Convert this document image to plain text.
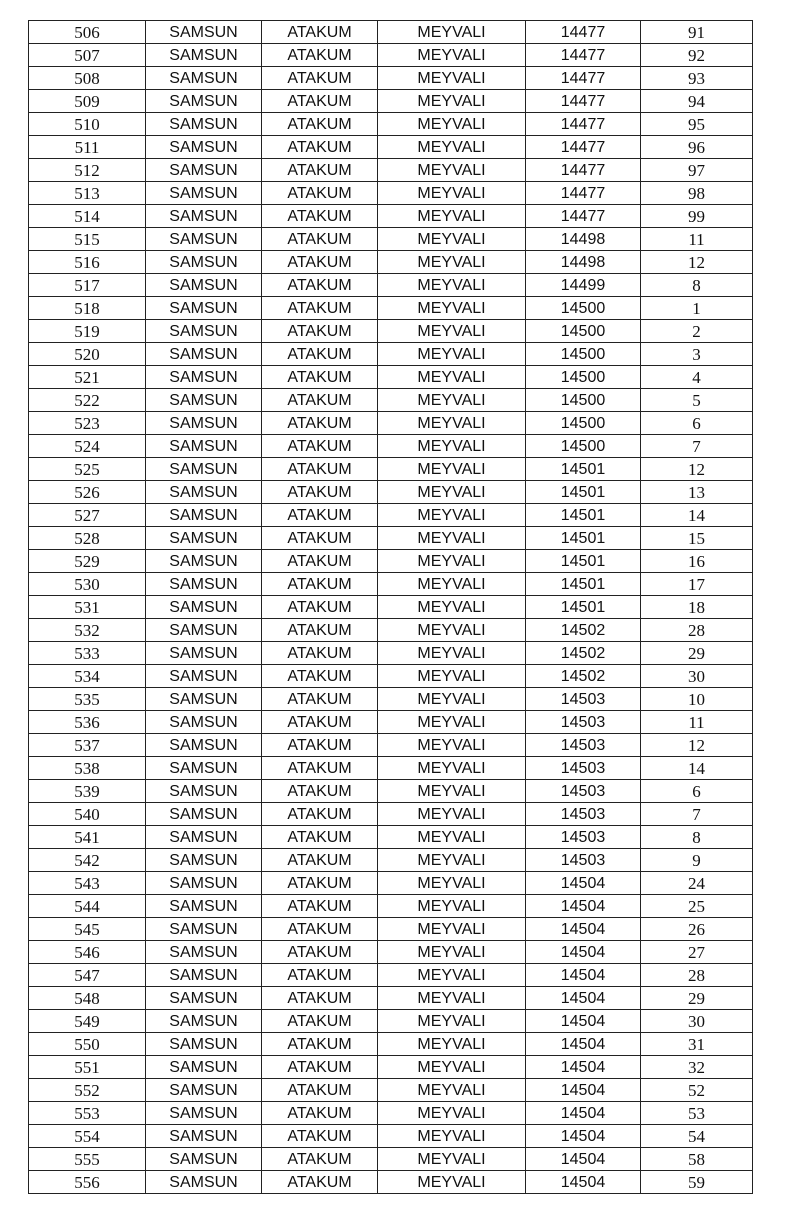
506	SAMSUN	ATAKUM	MEYVALI	14477	91
507	SAMSUN	ATAKUM	MEYVALI	14477	92
508	SAMSUN	ATAKUM	MEYVALI	14477	93
509	SAMSUN	ATAKUM	MEYVALI	14477	94
510	SAMSUN	ATAKUM	MEYVALI	14477	95
511	SAMSUN	ATAKUM	MEYVALI	14477	96
512	SAMSUN	ATAKUM	MEYVALI	14477	97
513	SAMSUN	ATAKUM	MEYVALI	14477	98
514	SAMSUN	ATAKUM	MEYVALI	14477	99
515	SAMSUN	ATAKUM	MEYVALI	14498	11
516	SAMSUN	ATAKUM	MEYVALI	14498	12
517	SAMSUN	ATAKUM	MEYVALI	14499	8
518	SAMSUN	ATAKUM	MEYVALI	14500	1
519	SAMSUN	ATAKUM	MEYVALI	14500	2
520	SAMSUN	ATAKUM	MEYVALI	14500	3
521	SAMSUN	ATAKUM	MEYVALI	14500	4
522	SAMSUN	ATAKUM	MEYVALI	14500	5
523	SAMSUN	ATAKUM	MEYVALI	14500	6
524	SAMSUN	ATAKUM	MEYVALI	14500	7
525	SAMSUN	ATAKUM	MEYVALI	14501	12
526	SAMSUN	ATAKUM	MEYVALI	14501	13
527	SAMSUN	ATAKUM	MEYVALI	14501	14
528	SAMSUN	ATAKUM	MEYVALI	14501	15
529	SAMSUN	ATAKUM	MEYVALI	14501	16
530	SAMSUN	ATAKUM	MEYVALI	14501	17
531	SAMSUN	ATAKUM	MEYVALI	14501	18
532	SAMSUN	ATAKUM	MEYVALI	14502	28
533	SAMSUN	ATAKUM	MEYVALI	14502	29
534	SAMSUN	ATAKUM	MEYVALI	14502	30
535	SAMSUN	ATAKUM	MEYVALI	14503	10
536	SAMSUN	ATAKUM	MEYVALI	14503	11
537	SAMSUN	ATAKUM	MEYVALI	14503	12
538	SAMSUN	ATAKUM	MEYVALI	14503	14
539	SAMSUN	ATAKUM	MEYVALI	14503	6
540	SAMSUN	ATAKUM	MEYVALI	14503	7
541	SAMSUN	ATAKUM	MEYVALI	14503	8
542	SAMSUN	ATAKUM	MEYVALI	14503	9
543	SAMSUN	ATAKUM	MEYVALI	14504	24
544	SAMSUN	ATAKUM	MEYVALI	14504	25
545	SAMSUN	ATAKUM	MEYVALI	14504	26
546	SAMSUN	ATAKUM	MEYVALI	14504	27
547	SAMSUN	ATAKUM	MEYVALI	14504	28
548	SAMSUN	ATAKUM	MEYVALI	14504	29
549	SAMSUN	ATAKUM	MEYVALI	14504	30
550	SAMSUN	ATAKUM	MEYVALI	14504	31
551	SAMSUN	ATAKUM	MEYVALI	14504	32
552	SAMSUN	ATAKUM	MEYVALI	14504	52
553	SAMSUN	ATAKUM	MEYVALI	14504	53
554	SAMSUN	ATAKUM	MEYVALI	14504	54
555	SAMSUN	ATAKUM	MEYVALI	14504	58
556	SAMSUN	ATAKUM	MEYVALI	14504	59
